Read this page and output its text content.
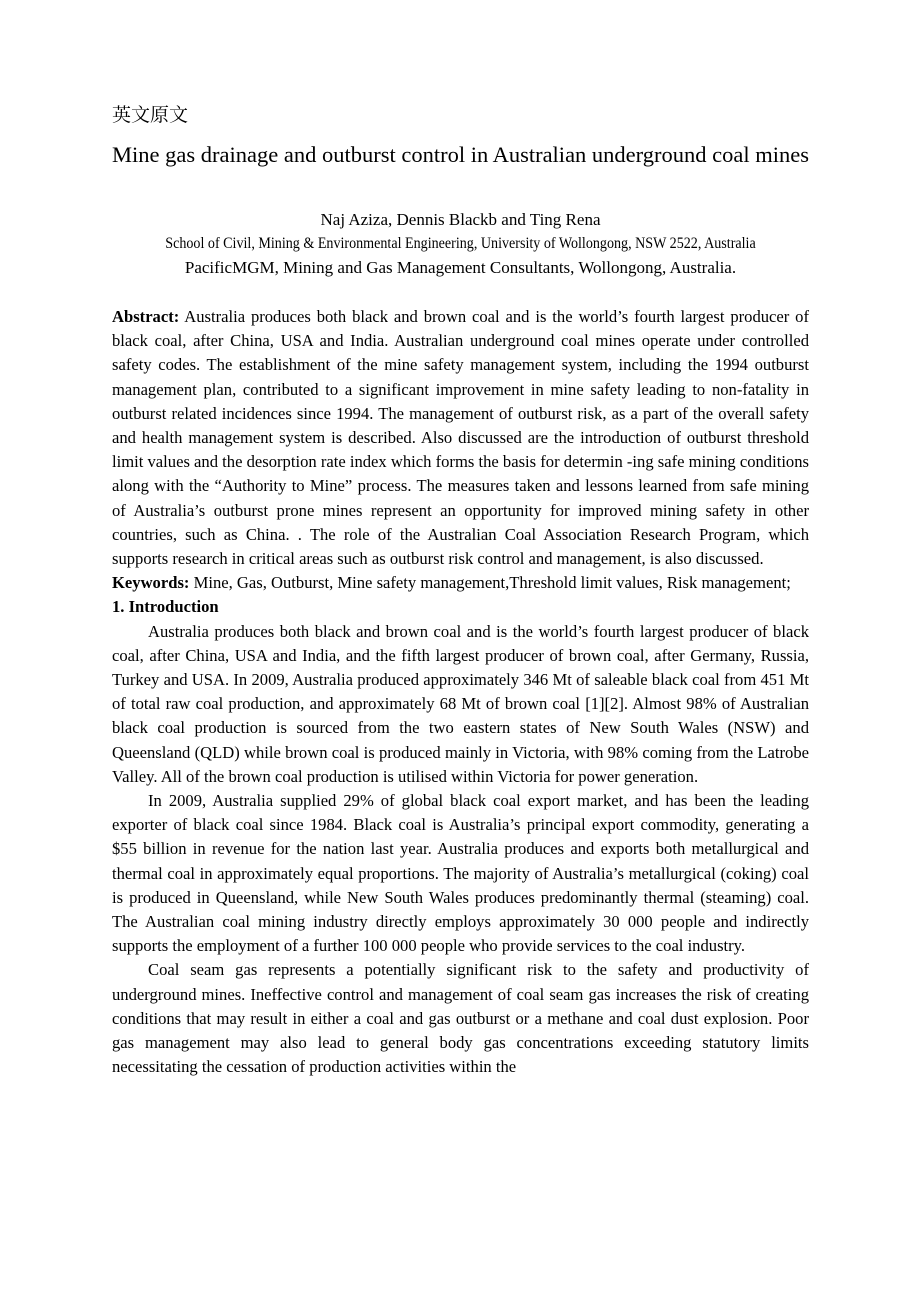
英文原文
Mine gas drainage and outburst control in Australian underground coal mines
Naj Aziza, Dennis Blackb and Ting Rena
School of Civil, Mining & Environmental Engineering, University of Wollongong, NSW 2522, Australia
PacificMGM, Mining and Gas Management Consultants, Wollongong, Australia.

Abstract: Australia produces both black and brown coal and is the world’s fourth largest producer of black coal, after China, USA and India. Australian underground coal mines operate under controlled safety codes. The establishment of the mine safety management system, including the 1994 outburst management plan, contributed to a significant improvement in mine safety leading to non-fatality in outburst related incidences since 1994. The management of outburst risk, as a part of the overall safety and health management system is described. Also discussed are the introduction of outburst threshold limit values and the desorption rate index which forms the basis for determin -ing safe mining conditions along with the “Authority to Mine” process. The measures taken and lessons learned from safe mining of Australia’s outburst prone mines represent an opportunity for improved mining safety in other countries, such as China. . The role of the Australian Coal Association Research Program, which supports research in critical areas such as outburst risk control and management, is also discussed.

Keywords: Mine, Gas, Outburst, Mine safety management,Threshold limit values, Risk management;

1. Introduction

Australia produces both black and brown coal and is the world’s fourth largest producer of black coal, after China, USA and India, and the fifth largest producer of brown coal, after Germany, Russia, Turkey and USA. In 2009, Australia produced approximately 346 Mt of saleable black coal from 451 Mt of total raw coal production, and approximately 68 Mt of brown coal [1][2]. Almost 98% of Australian black coal production is sourced from the two eastern states of New South Wales (NSW) and Queensland (QLD) while brown coal is produced mainly in Victoria, with 98% coming from the Latrobe Valley. All of the brown coal production is utilised within Victoria for power generation.

In 2009, Australia supplied 29% of global black coal export market, and has been the leading exporter of black coal since 1984. Black coal is Australia’s principal export commodity, generating a $55 billion in revenue for the nation last year. Australia produces and exports both metallurgical and thermal coal in approximately equal proportions. The majority of Australia’s metallurgical (coking) coal is produced in Queensland, while New South Wales produces predominantly thermal (steaming) coal. The Australian coal mining industry directly employs approximately 30 000 people and indirectly supports the employment of a further 100 000 people who provide services to the coal industry.

Coal seam gas represents a potentially significant risk to the safety and productivity of underground mines. Ineffective control and management of coal seam gas increases the risk of creating conditions that may result in either a coal and gas outburst or a methane and coal dust explosion. Poor gas management may also lead to general body gas concentrations exceeding statutory limits necessitating the cessation of production activities within the
